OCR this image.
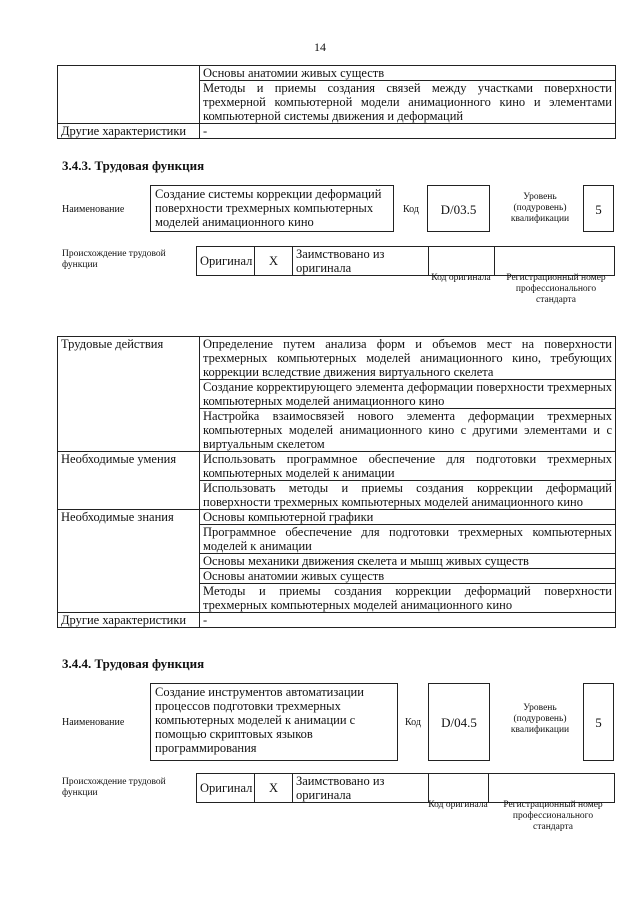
14
	Основы анатомии живых существ
	Методы и приемы создания связей между участками поверхности трехмерной компьютерной модели анимационного кино и элементами компьютерной системы движения и деформаций
Другие характеристики	-
3.4.3. Трудовая функция
Наименование
Создание системы коррекции деформаций поверхности трехмерных компьютерных моделей анимационного кино
Код	D/03.5
Уровень (подуровень) квалификации
5
Происхождение трудовой функции	Оригинал	X	Заимствовано из оригинала		
Код оригинала	Регистрационный номер профессионального стандарта
Трудовые действия	Определение путем анализа форм и объемов мест на поверхности трехмерных компьютерных моделей анимационного кино, требующих коррекции вследствие движения виртуального скелета
	Создание корректирующего элемента деформации поверхности трехмерных компьютерных моделей анимационного кино
	Настройка взаимосвязей нового элемента деформации трехмерных компьютерных моделей анимационного кино с другими элементами и с виртуальным скелетом
Необходимые умения	Использовать программное обеспечение для подготовки трехмерных компьютерных моделей к анимации
	Использовать методы и приемы создания коррекции деформаций поверхности трехмерных компьютерных моделей анимационного кино
Необходимые знания	Основы компьютерной графики
	Программное обеспечение для подготовки трехмерных компьютерных моделей к анимации
	Основы механики движения скелета и мышц живых существ
	Основы анатомии живых существ
	Методы и приемы создания коррекции деформаций поверхности трехмерных компьютерных моделей анимационного кино
Другие характеристики	-
3.4.4. Трудовая функция
Наименование
Создание инструментов автоматизации процессов подготовки трехмерных компьютерных моделей к анимации с помощью скриптовых языков программирования
Код	D/04.5
Уровень (подуровень) квалификации	5
Происхождение трудовой функции	Оригинал	X	Заимствовано из оригинала		
Код оригинала	Регистрационный номер профессионального стандарта
